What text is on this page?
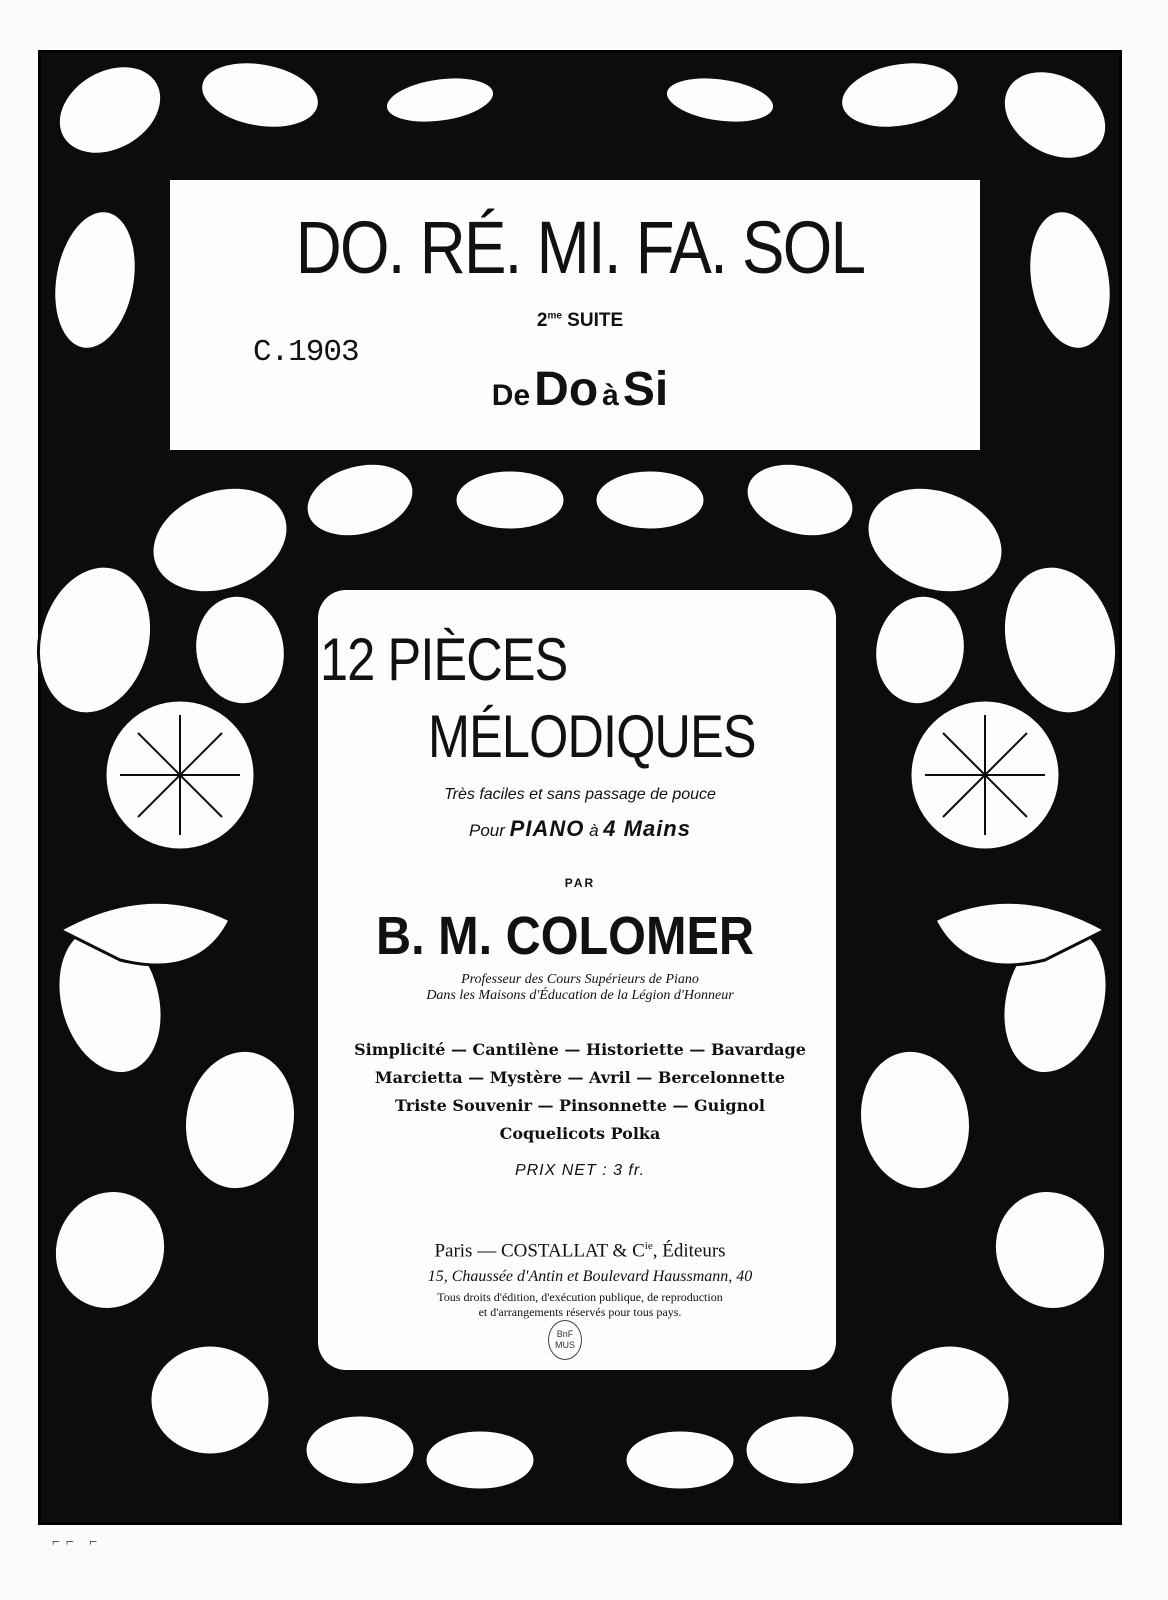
DO. RÉ. MI. FA. SOL
$2^{me}$ SUITE
C.1903
De Do à Si
12 PIÈCES
MÉLODIQUES
Très faciles et sans passage de pouce
Pour PIANO à 4 Mains
PAR
B. M. COLOMER
Professeur des Cours Supérieurs de Piano
Dans les Maisons d'Éducation de la Légion d'Honneur
Simplicité — Cantilène — Historiette — Bavardage
Marcietta — Mystère — Avril — Bercelonnette
Triste Souvenir — Pinsonnette — Guignol
Coquelicots Polka
PRIX NET : 3 fr.
Paris — COSTALLAT & $C^{ie}$, Éditeurs
15, Chaussée d'Antin et Boulevard Haussmann, 40
Tous droits d'édition, d'exécution publique, de reproduction
et d'arrangements réservés pour tous pays.
BnF
MUS
⌐⌐ ⌐
